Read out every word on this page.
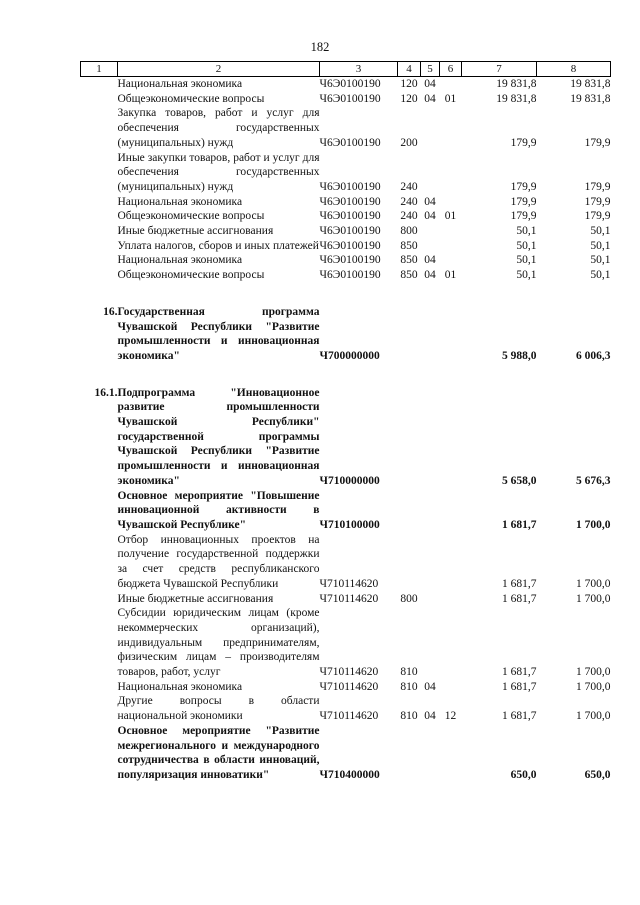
182
1	2	3	4	5	6	7	8
	Национальная экономика	Ч6Э0100190	120	04		19 831,8	19 831,8
	Общеэкономические вопросы	Ч6Э0100190	120	04	01	19 831,8	19 831,8
	Закупка товаров, работ и услуг для обеспечения государственных (муниципальных) нужд	Ч6Э0100190	200			179,9	179,9
	Иные закупки товаров, работ и услуг для обеспечения государственных (муниципальных) нужд	Ч6Э0100190	240			179,9	179,9
	Национальная экономика	Ч6Э0100190	240	04		179,9	179,9
	Общеэкономические вопросы	Ч6Э0100190	240	04	01	179,9	179,9
	Иные бюджетные ассигнования	Ч6Э0100190	800			50,1	50,1
	Уплата налогов, сборов и иных платежей	Ч6Э0100190	850			50,1	50,1
	Национальная экономика	Ч6Э0100190	850	04		50,1	50,1
	Общеэкономические вопросы	Ч6Э0100190	850	04	01	50,1	50,1

16.	Государственная программа Чувашской Республики "Развитие промышленности и инновационная экономика"	Ч700000000				5 988,0	6 006,3

16.1.	Подпрограмма "Инновационное развитие промышленности Чувашской Республики" государственной программы Чувашской Республики "Развитие промышленности и инновационная экономика"	Ч710000000				5 658,0	5 676,3
	Основное мероприятие "Повышение инновационной активности в Чувашской Республике"	Ч710100000				1 681,7	1 700,0
	Отбор инновационных проектов на получение государственной поддержки за счет средств республиканского бюджета Чувашской Республики	Ч710114620				1 681,7	1 700,0
	Иные бюджетные ассигнования	Ч710114620	800			1 681,7	1 700,0
	Субсидии юридическим лицам (кроме некоммерческих организаций), индивидуальным предпринимателям, физическим лицам – производителям товаров, работ, услуг	Ч710114620	810			1 681,7	1 700,0
	Национальная экономика	Ч710114620	810	04		1 681,7	1 700,0
	Другие вопросы в области национальной экономики	Ч710114620	810	04	12	1 681,7	1 700,0
	Основное мероприятие "Развитие межрегионального и международного сотрудничества в области инноваций, популяризация инноватики"	Ч710400000				650,0	650,0
